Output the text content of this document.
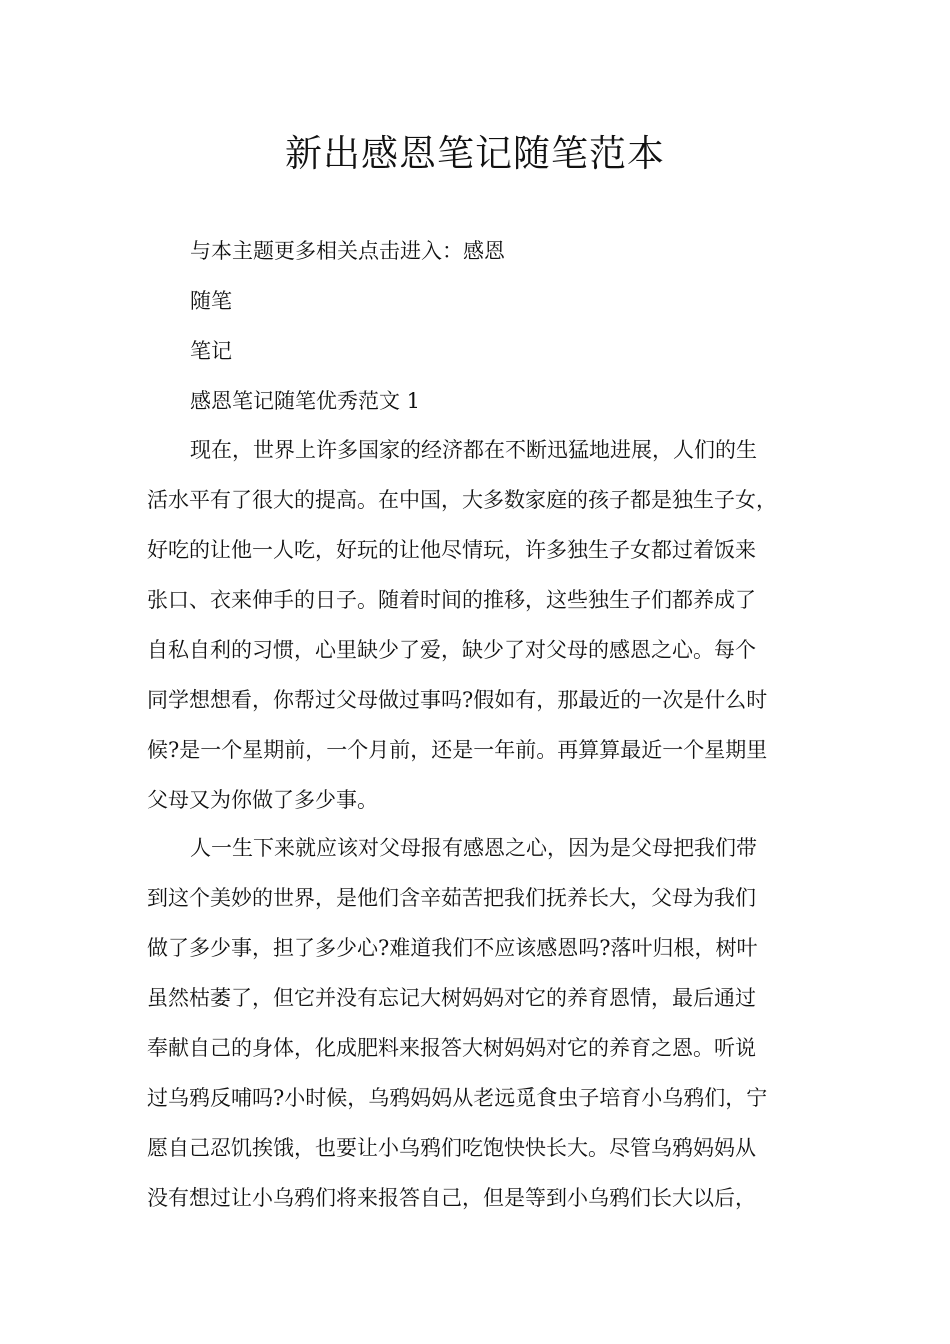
新出感恩笔记随笔范本

与本主题更多相关点击进入：感恩

随笔

笔记

感恩笔记随笔优秀范文 1

现在，世界上许多国家的经济都在不断迅猛地进展，人们的生
活水平有了很大的提高。在中国，大多数家庭的孩子都是独生子女，
好吃的让他一人吃，好玩的让他尽情玩，许多独生子女都过着饭来
张口、衣来伸手的日子。随着时间的推移，这些独生子们都养成了
自私自利的习惯，心里缺少了爱，缺少了对父母的感恩之心。每个
同学想想看，你帮过父母做过事吗?假如有，那最近的一次是什么时
候?是一个星期前，一个月前，还是一年前。再算算最近一个星期里
父母又为你做了多少事。
人一生下来就应该对父母报有感恩之心，因为是父母把我们带
到这个美妙的世界，是他们含辛茹苦把我们抚养长大，父母为我们
做了多少事，担了多少心?难道我们不应该感恩吗?落叶归根，树叶
虽然枯萎了，但它并没有忘记大树妈妈对它的养育恩情，最后通过
奉献自己的身体，化成肥料来报答大树妈妈对它的养育之恩。听说
过乌鸦反哺吗?小时候，乌鸦妈妈从老远觅食虫子培育小乌鸦们，宁
愿自己忍饥挨饿，也要让小乌鸦们吃饱快快长大。尽管乌鸦妈妈从
没有想过让小乌鸦们将来报答自己，但是等到小乌鸦们长大以后，
